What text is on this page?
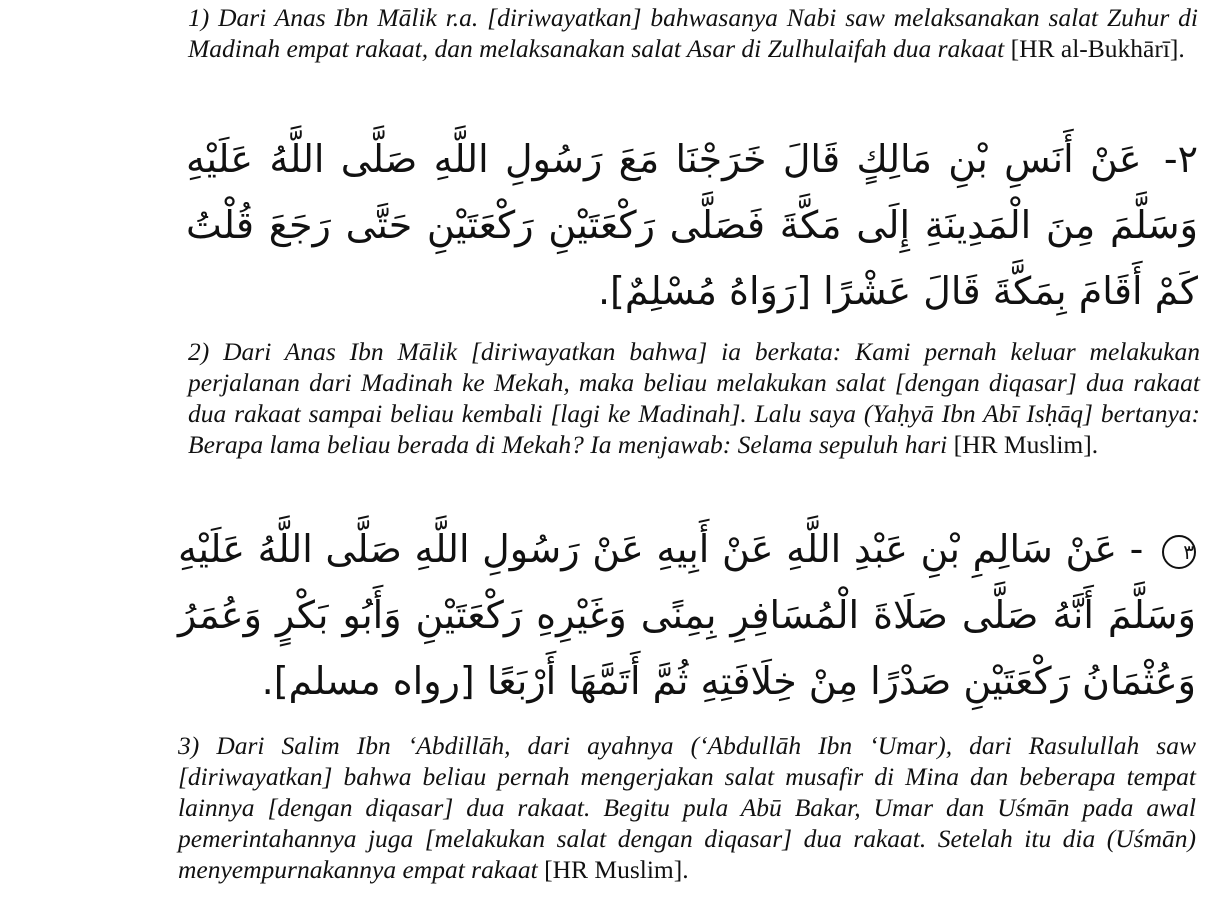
1) Dari Anas Ibn Mālik r.a. [diriwayatkan] bahwasanya Nabi saw melaksanakan salat Zuhur di Madinah empat rakaat, dan melaksanakan salat Asar di Zulhulaifah dua rakaat [HR al-Bukhārī].

٢- عَنْ أَنَسِ بْنِ مَالِكٍ قَالَ خَرَجْنَا مَعَ رَسُولِ اللَّهِ صَلَّى اللَّهُ عَلَيْهِ وَسَلَّمَ مِنَ الْمَدِينَةِ إِلَى مَكَّةَ فَصَلَّى رَكْعَتَيْنِ رَكْعَتَيْنِ حَتَّى رَجَعَ قُلْتُ كَمْ أَقَامَ بِمَكَّةَ قَالَ عَشْرًا [رَوَاهُ مُسْلِمٌ].

2) Dari Anas Ibn Mālik [diriwayatkan bahwa] ia berkata: Kami pernah keluar melakukan perjalanan dari Madinah ke Mekah, maka beliau melakukan salat [dengan diqasar] dua rakaat dua rakaat sampai beliau kembali [lagi ke Madinah]. Lalu saya (Yaḥyā Ibn Abī Isḥāq] bertanya: Berapa lama beliau berada di Mekah? Ia menjawab: Selama sepuluh hari [HR Muslim].

٣ - عَنْ سَالِمِ بْنِ عَبْدِ اللَّهِ عَنْ أَبِيهِ عَنْ رَسُولِ اللَّهِ صَلَّى اللَّهُ عَلَيْهِ وَسَلَّمَ أَنَّهُ صَلَّى صَلَاةَ الْمُسَافِرِ بِمِنًى وَغَيْرِهِ رَكْعَتَيْنِ وَأَبُو بَكْرٍ وَعُمَرُ وَعُثْمَانُ رَكْعَتَيْنِ صَدْرًا مِنْ خِلَافَتِهِ ثُمَّ أَتَمَّهَا أَرْبَعًا [رواه مسلم].

3) Dari Salim Ibn ‘Abdillāh, dari ayahnya (‘Abdullāh Ibn ‘Umar), dari Rasulullah saw [diriwayatkan] bahwa beliau pernah mengerjakan salat musafir di Mina dan beberapa tempat lainnya [dengan diqasar] dua rakaat. Begitu pula Abū Bakar, Umar dan Uśmān pada awal pemerintahannya juga [melakukan salat dengan diqasar] dua rakaat. Setelah itu dia (Uśmān) menyempurnakannya empat rakaat [HR Muslim].
